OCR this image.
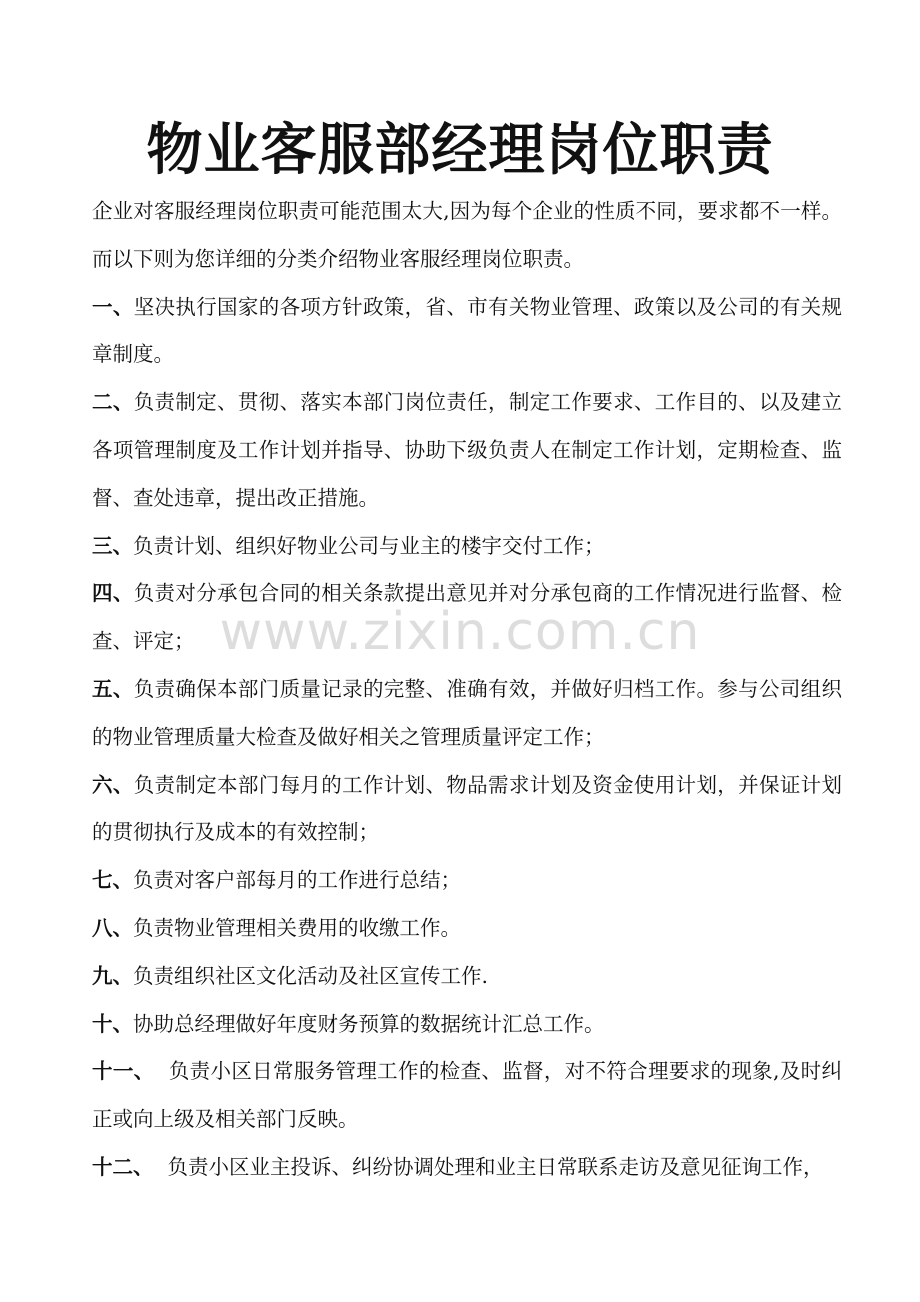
物业客服部经理岗位职责

企业对客服经理岗位职责可能范围太大,因为每个企业的性质不同，要求都不一样。而以下则为您详细的分类介绍物业客服经理岗位职责。

一、坚决执行国家的各项方针政策，省、市有关物业管理、政策以及公司的有关规章制度。

二、负责制定、贯彻、落实本部门岗位责任，制定工作要求、工作目的、以及建立各项管理制度及工作计划并指导、协助下级负责人在制定工作计划，定期检查、监督、查处违章，提出改正措施。

三、负责计划、组织好物业公司与业主的楼宇交付工作；

四、负责对分承包合同的相关条款提出意见并对分承包商的工作情况进行监督、检查、评定；

五、负责确保本部门质量记录的完整、准确有效，并做好归档工作。参与公司组织的物业管理质量大检查及做好相关之管理质量评定工作；

六、负责制定本部门每月的工作计划、物品需求计划及资金使用计划，并保证计划的贯彻执行及成本的有效控制；

七、负责对客户部每月的工作进行总结；

八、负责物业管理相关费用的收缴工作。

九、负责组织社区文化活动及社区宣传工作.

十、协助总经理做好年度财务预算的数据统计汇总工作。

十一、 负责小区日常服务管理工作的检查、监督，对不符合理要求的现象,及时纠正或向上级及相关部门反映。

十二、 负责小区业主投诉、纠纷协调处理和业主日常联系走访及意见征询工作，

www.zixin.com.cn
